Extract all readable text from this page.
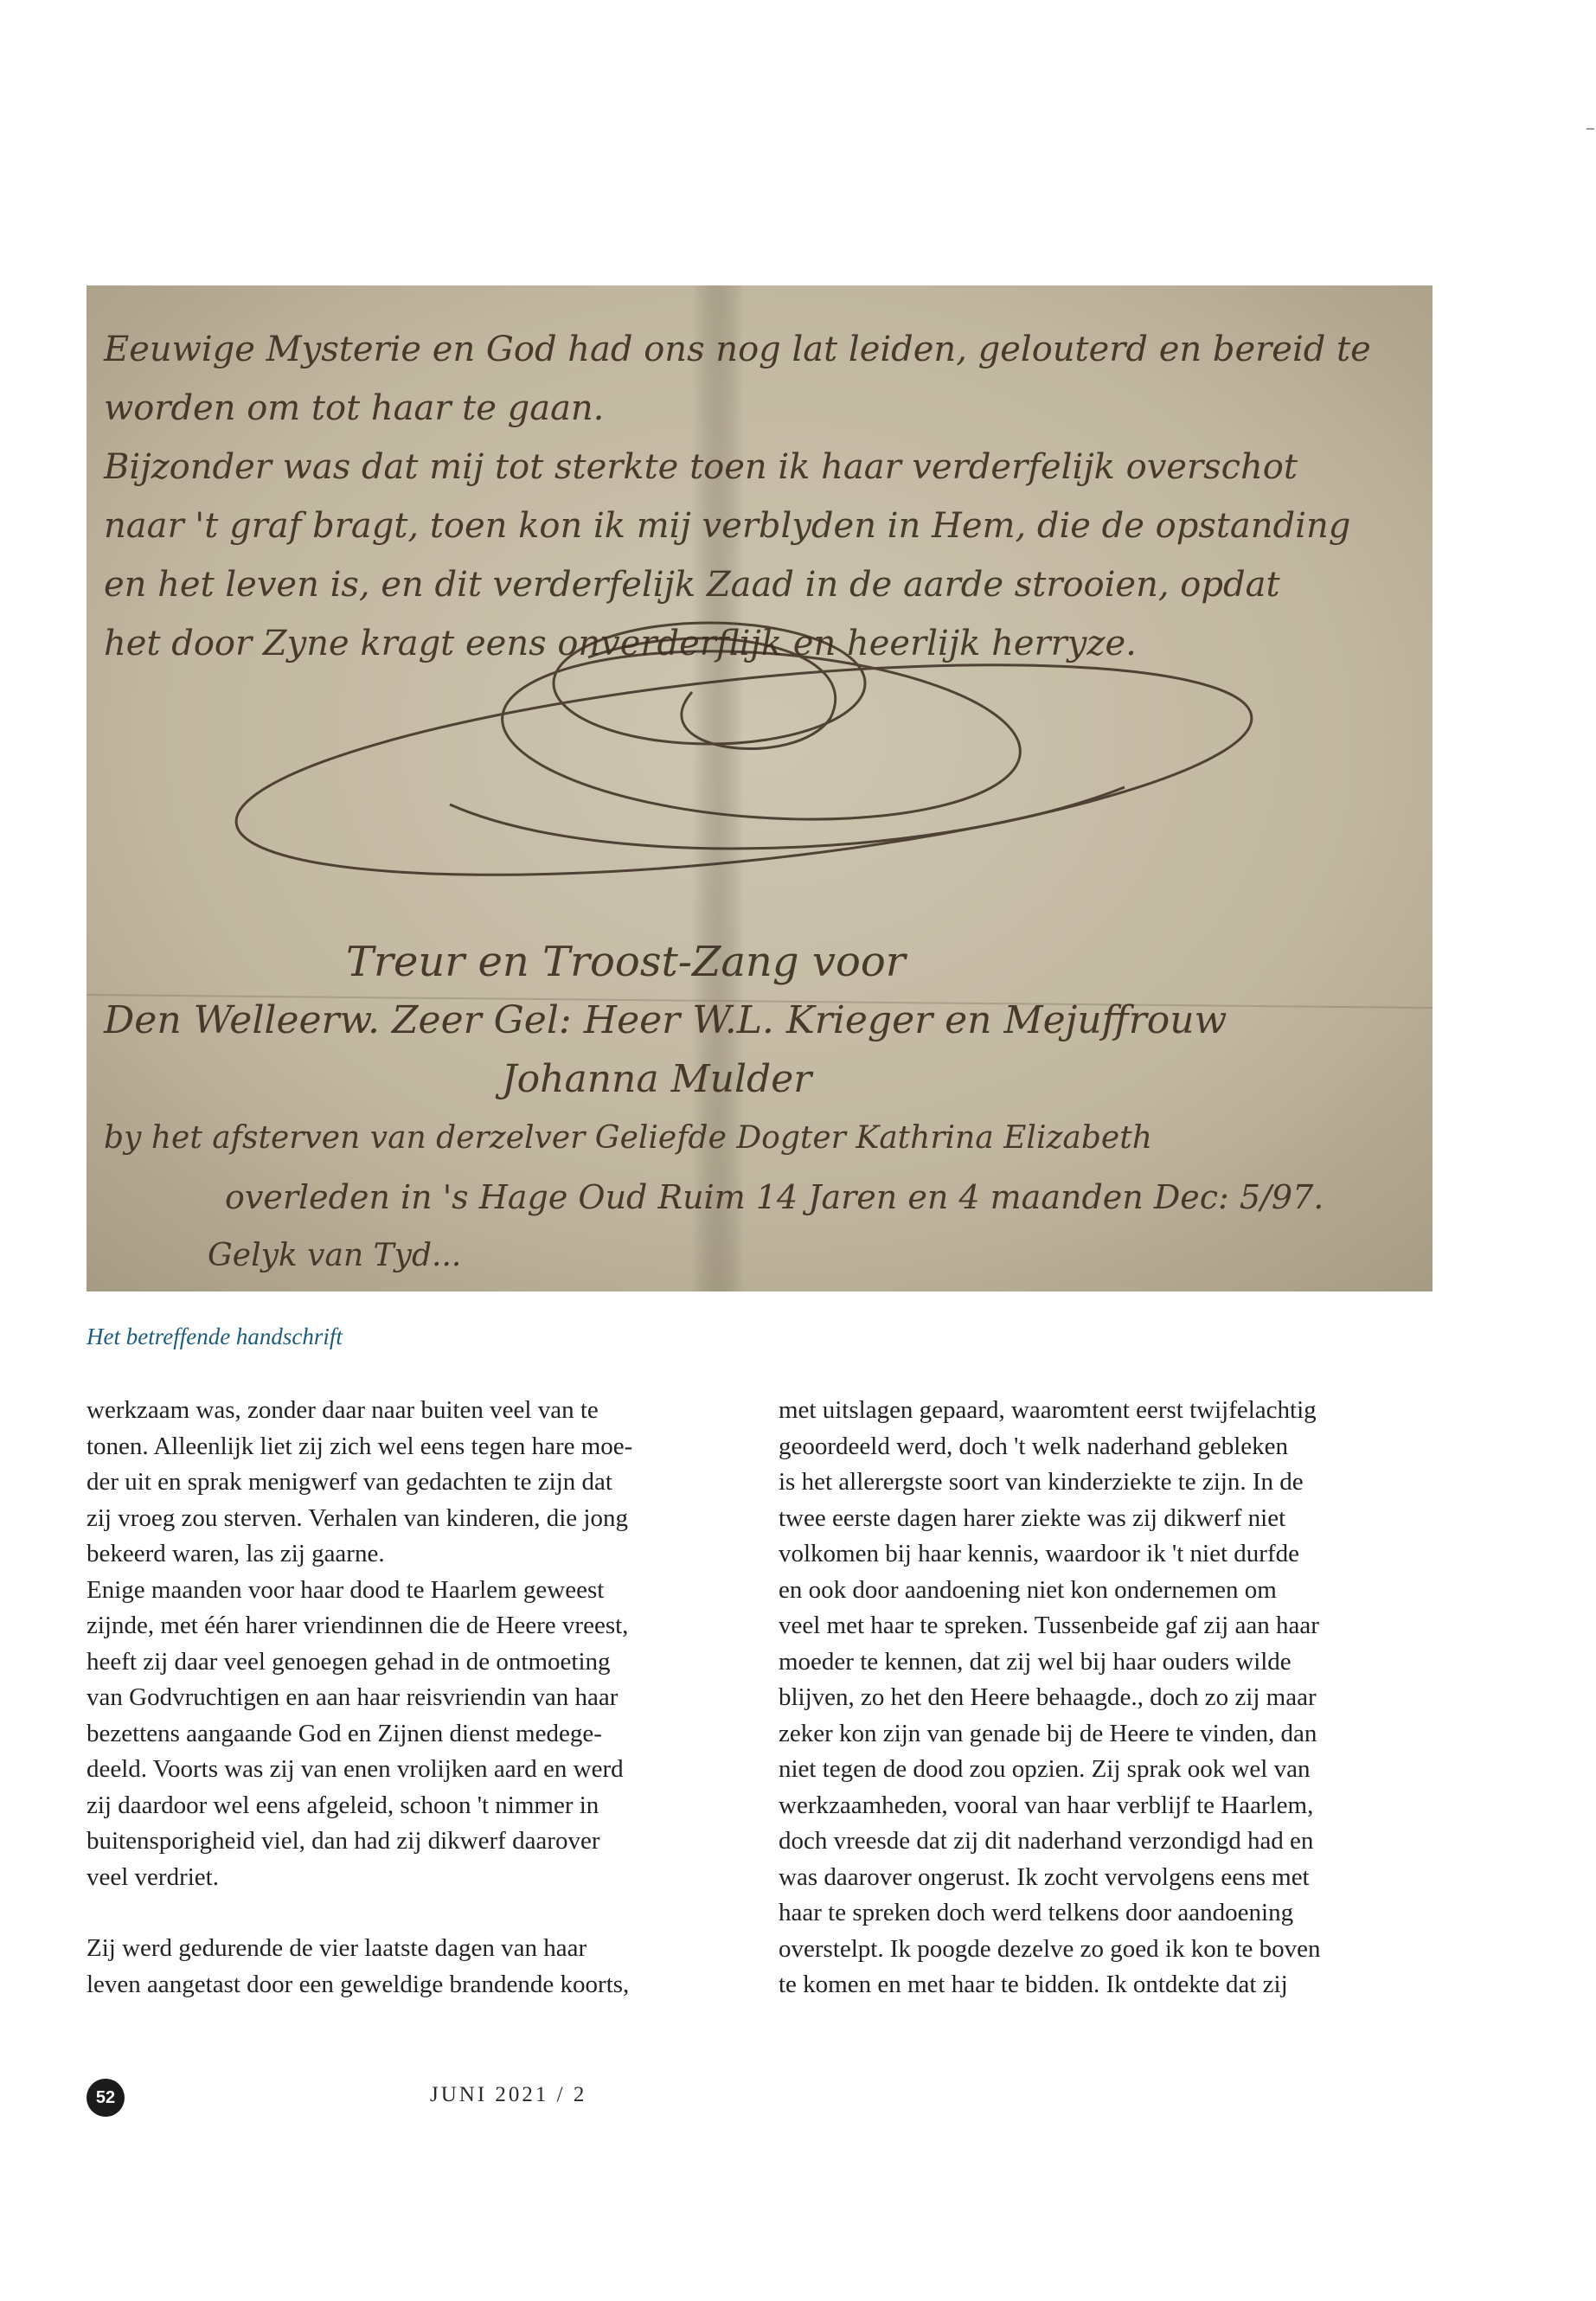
Eeuwige Mysterie en God had ons nog lat leiden, gelouterd en bereid te
worden om tot haar te gaan.
Bijzonder was dat mij tot sterkte toen ik haar verderfelijk overschot
naar 't graf bragt, toen kon ik mij verblyden in Hem, die de opstanding
en het leven is, en dit verderfelijk Zaad in de aarde strooien, opdat
het door Zyne kragt eens onverderflijk en heerlijk herryze.
Treur en Troost-Zang voor
Den Welleerw. Zeer Gel: Heer W.L. Krieger en Mejuffrouw
Johanna Mulder
by het afsterven van derzelver Geliefde Dogter Kathrina Elizabeth
overleden in 's Hage Oud Ruim 14 Jaren en 4 maanden Dec: 5/97.
Gelyk van Tyd...
Het betreffende handschrift

werkzaam was, zonder daar naar buiten veel van te
tonen. Alleenlijk liet zij zich wel eens tegen hare moe-
der uit en sprak menigwerf van gedachten te zijn dat
zij vroeg zou sterven. Verhalen van kinderen, die jong
bekeerd waren, las zij gaarne.

Enige maanden voor haar dood te Haarlem geweest
zijnde, met één harer vriendinnen die de Heere vreest,
heeft zij daar veel genoegen gehad in de ontmoeting
van Godvruchtigen en aan haar reisvriendin van haar
bezettens aangaande God en Zijnen dienst medege-
deeld. Voorts was zij van enen vrolijken aard en werd
zij daardoor wel eens afgeleid, schoon 't nimmer in
buitensporigheid viel, dan had zij dikwerf daarover
veel verdriet.

Zij werd gedurende de vier laatste dagen van haar
leven aangetast door een geweldige brandende koorts,

met uitslagen gepaard, waaromtent eerst twijfelachtig
geoordeeld werd, doch 't welk naderhand gebleken
is het allerergste soort van kinderziekte te zijn. In de
twee eerste dagen harer ziekte was zij dikwerf niet
volkomen bij haar kennis, waardoor ik 't niet durfde
en ook door aandoening niet kon ondernemen om
veel met haar te spreken. Tussenbeide gaf zij aan haar
moeder te kennen, dat zij wel bij haar ouders wilde
blijven, zo het den Heere behaagde., doch zo zij maar
zeker kon zijn van genade bij de Heere te vinden, dan
niet tegen de dood zou opzien. Zij sprak ook wel van
werkzaamheden, vooral van haar verblijf te Haarlem,
doch vreesde dat zij dit naderhand verzondigd had en
was daarover ongerust. Ik zocht vervolgens eens met
haar te spreken doch werd telkens door aandoening
overstelpt. Ik poogde dezelve zo goed ik kon te boven
te komen en met haar te bidden. Ik ontdekte dat zij

52	JUNI 2021 / 2
